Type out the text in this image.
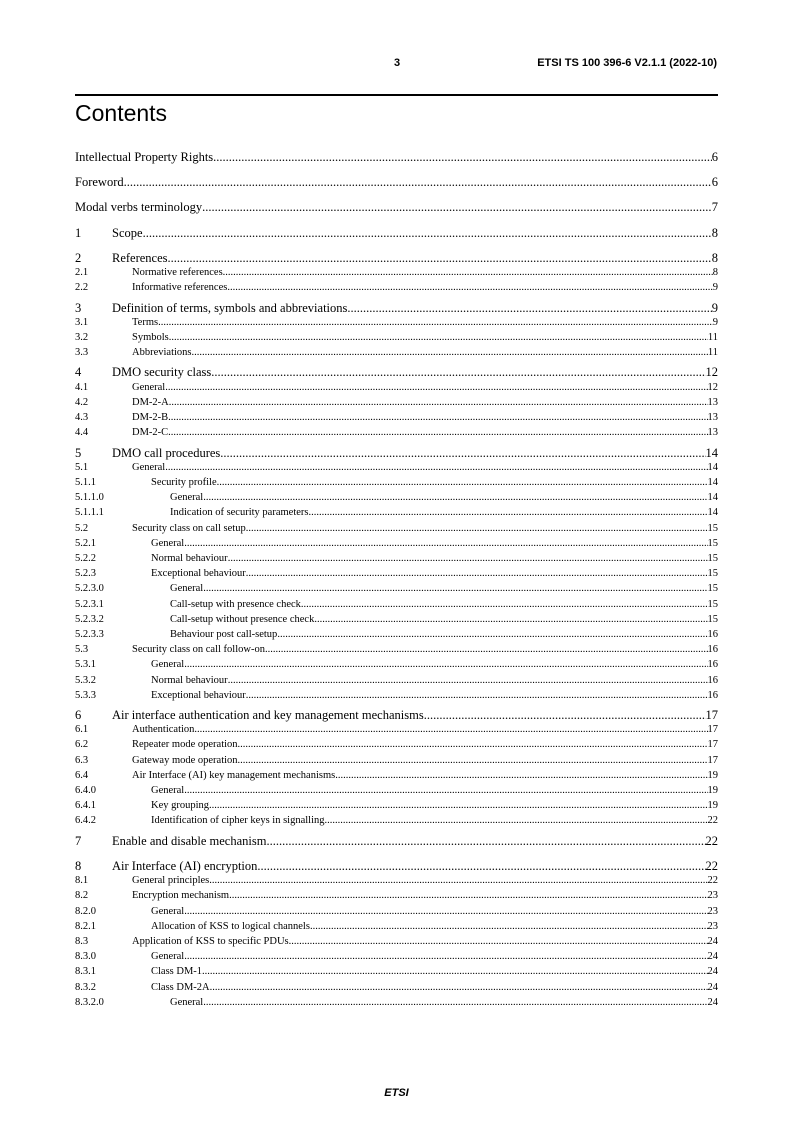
3	ETSI TS 100 396-6 V2.1.1 (2022-10)
Contents
Intellectual Property Rights .....	6
Foreword .....	6
Modal verbs terminology .....	7
1	Scope .....	8
2	References .....	8
2.1	Normative references .....	8
2.2	Informative references .....	9
3	Definition of terms, symbols and abbreviations .....	9
3.1	Terms .....	9
3.2	Symbols .....	11
3.3	Abbreviations .....	11
4	DMO security class .....	12
4.1	General .....	12
4.2	DM-2-A .....	13
4.3	DM-2-B .....	13
4.4	DM-2-C .....	13
5	DMO call procedures .....	14
5.1	General .....	14
5.1.1	Security profile .....	14
5.1.1.0	General .....	14
5.1.1.1	Indication of security parameters .....	14
5.2	Security class on call setup .....	15
5.2.1	General .....	15
5.2.2	Normal behaviour .....	15
5.2.3	Exceptional behaviour .....	15
5.2.3.0	General .....	15
5.2.3.1	Call-setup with presence check .....	15
5.2.3.2	Call-setup without presence check .....	15
5.2.3.3	Behaviour post call-setup .....	16
5.3	Security class on call follow-on .....	16
5.3.1	General .....	16
5.3.2	Normal behaviour .....	16
5.3.3	Exceptional behaviour .....	16
6	Air interface authentication and key management mechanisms .....	17
6.1	Authentication .....	17
6.2	Repeater mode operation .....	17
6.3	Gateway mode operation .....	17
6.4	Air Interface (AI) key management mechanisms .....	19
6.4.0	General .....	19
6.4.1	Key grouping .....	19
6.4.2	Identification of cipher keys in signalling .....	22
7	Enable and disable mechanism .....	22
8	Air Interface (AI) encryption .....	22
8.1	General principles .....	22
8.2	Encryption mechanism .....	23
8.2.0	General .....	23
8.2.1	Allocation of KSS to logical channels .....	23
8.3	Application of KSS to specific PDUs .....	24
8.3.0	General .....	24
8.3.1	Class DM-1 .....	24
8.3.2	Class DM-2A .....	24
8.3.2.0	General .....	24
ETSI
